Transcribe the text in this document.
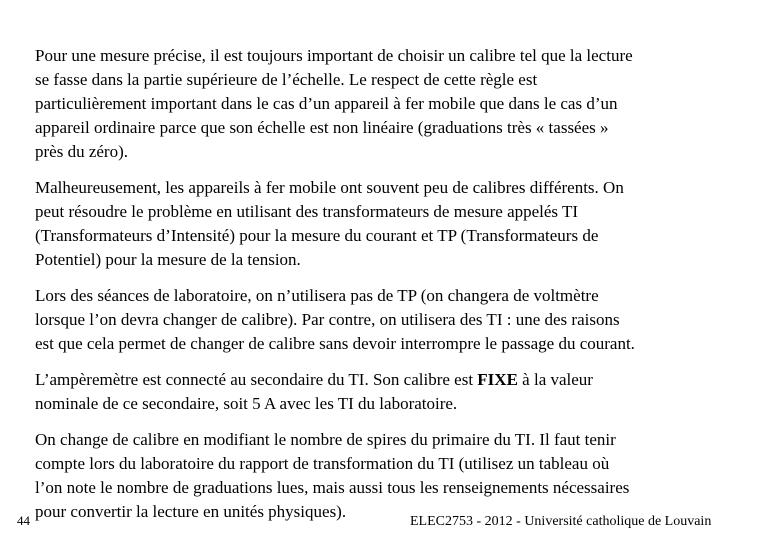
Pour une mesure précise, il est toujours important de choisir un calibre tel que la lecture
se fasse dans la partie supérieure de l’échelle. Le respect de cette règle est
particulièrement important dans le cas d’un appareil à fer mobile que dans le cas d’un
appareil ordinaire parce que son échelle est non linéaire (graduations très « tassées »
près du zéro).
Malheureusement, les appareils à fer mobile ont souvent peu de calibres différents. On
peut résoudre le problème en utilisant des transformateurs de mesure appelés TI
(Transformateurs d’Intensité) pour la mesure du courant et TP (Transformateurs de
Potentiel) pour la mesure de la tension.
Lors des séances de laboratoire, on n’utilisera pas de TP (on changera de voltmètre
lorsque l’on devra changer de calibre). Par contre, on utilisera des TI : une des raisons
est que cela permet de changer de calibre sans devoir interrompre le passage du courant.
L’ampèremètre est connecté au secondaire du TI. Son calibre est FIXE à la valeur
nominale de ce secondaire, soit 5 A avec les TI du laboratoire.
On change de calibre en modifiant le nombre de spires du primaire du TI. Il faut tenir
compte lors du laboratoire du rapport de transformation du TI (utilisez un tableau où
l’on note le nombre de graduations lues, mais aussi tous les renseignements nécessaires
pour convertir la lecture en unités physiques).
44	ELEC2753 - 2012 - Université catholique de Louvain
